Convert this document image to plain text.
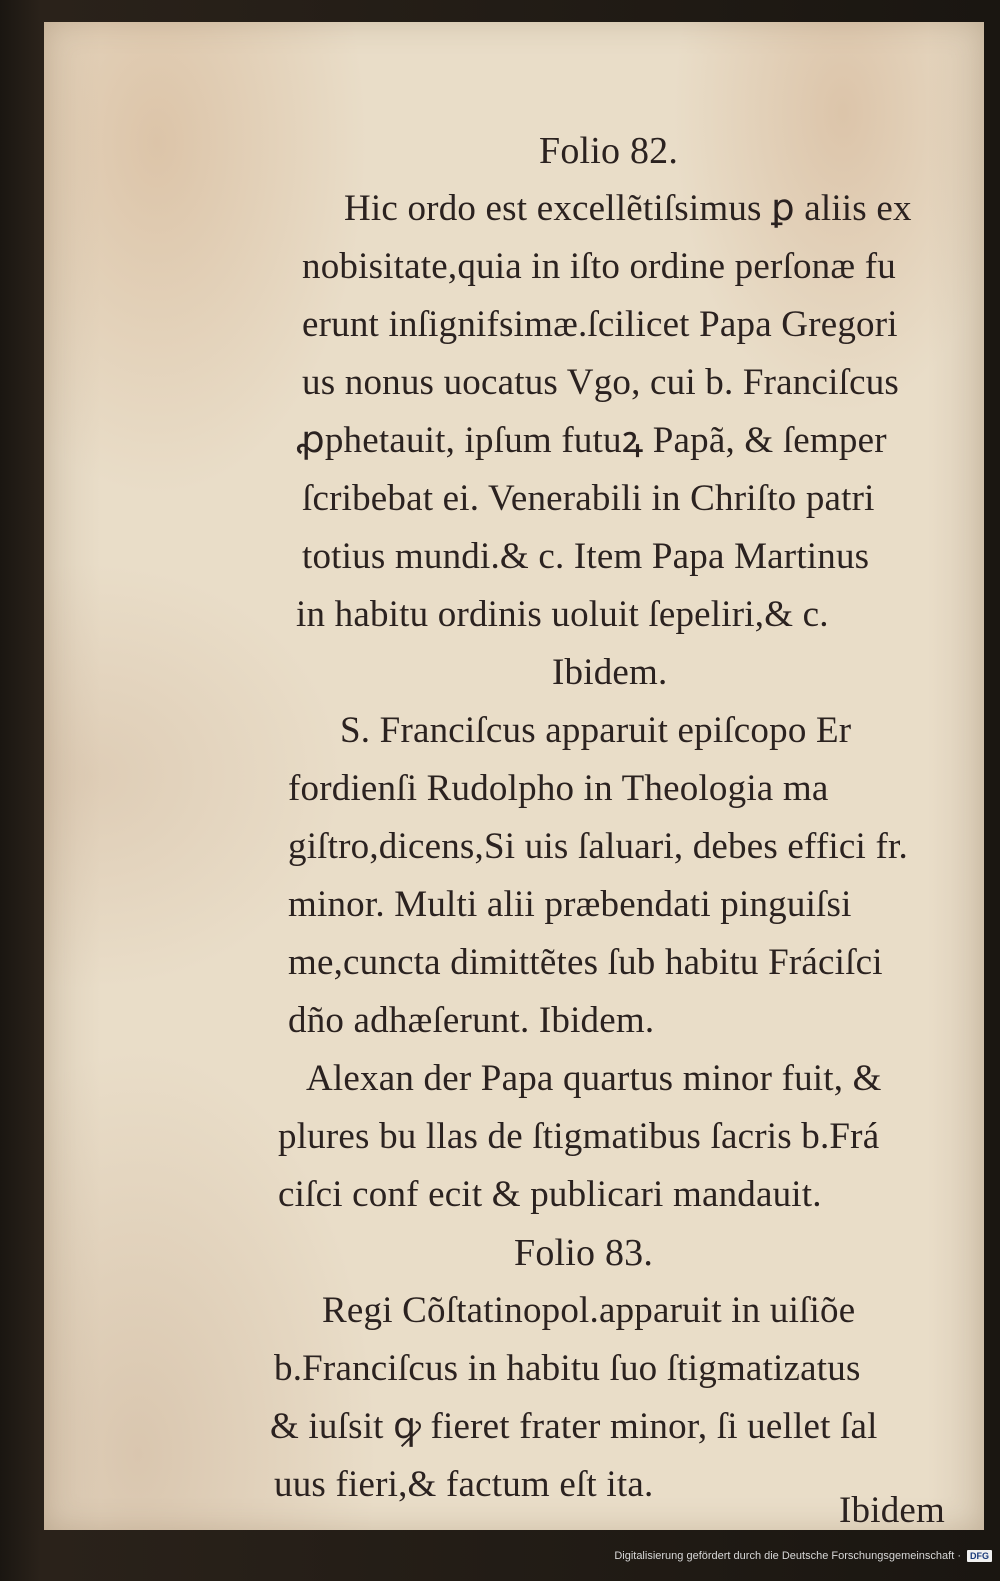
Folio 82.
Hic ordo est excellẽtiſsimus ꝑ aliis ex
nobisitate,quia in iſto ordine perſonæ fu
erunt inſignifsimæ.ſcilicet Papa Gregori
us nonus uocatus Vgo, cui b. Franciſcus
ꝓphetauit, ipſum futuꝝ Papã, & ſemper
ſcribebat ei. Venerabili in Chriſto patri
totius mundi.& c. Item Papa Martinus
in habitu ordinis uoluit ſepeliri,& c.
Ibidem.
S. Franciſcus apparuit epiſcopo Er
fordienſi Rudolpho in Theologia ma
giſtro,dicens,Si uis ſaluari, debes effici fr.
minor. Multi alii præbendati pinguiſsi
me,cuncta dimittẽtes ſub habitu Fráciſci
dño adhæſerunt. Ibidem.
Alexan der Papa quartus minor fuit, &
plures bu llas de ſtigmatibus ſacris b.Frá
ciſci conf ecit & publicari mandauit.
Folio 83.
Regi Cõſtatinopol.apparuit in uiſiõe
b.Franciſcus in habitu ſuo ſtigmatizatus
& iuſsit ꝙ fieret frater minor, ſi uellet ſal
uus fieri,& factum eſt ita.
Ibidem
Digitalisierung gefördert durch die Deutsche Forschungsgemeinschaft ·	DFG
